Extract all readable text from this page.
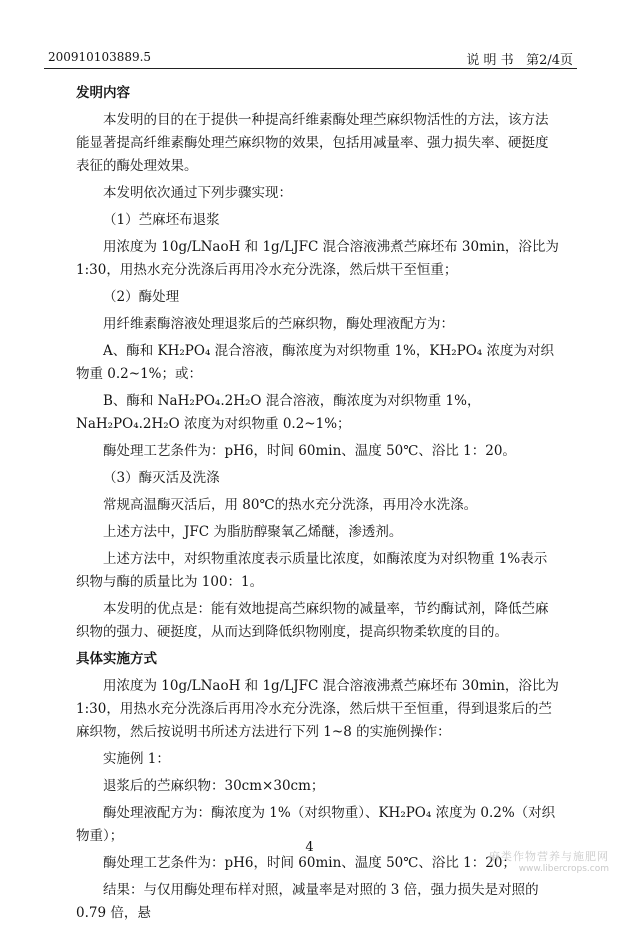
200910103889.5	说 明 书 第2/4页

发明内容

本发明的目的在于提供一种提高纤维素酶处理苎麻织物活性的方法，该方法能显著提高纤维素酶处理苎麻织物的效果，包括用减量率、强力损失率、硬挺度表征的酶处理效果。

本发明依次通过下列步骤实现：

（1）苎麻坯布退浆

用浓度为 10g/LNaoH 和 1g/LJFC 混合溶液沸煮苎麻坯布 30min，浴比为 1:30，用热水充分洗涤后再用冷水充分洗涤，然后烘干至恒重；

（2）酶处理

用纤维素酶溶液处理退浆后的苎麻织物，酶处理液配方为：

A、酶和 KH₂PO₄ 混合溶液，酶浓度为对织物重 1%，KH₂PO₄ 浓度为对织物重 0.2~1%；或：

B、酶和 NaH₂PO₄.2H₂O 混合溶液，酶浓度为对织物重 1%，NaH₂PO₄.2H₂O 浓度为对织物重 0.2~1%；

酶处理工艺条件为：pH6，时间 60min、温度 50℃、浴比 1：20。

（3）酶灭活及洗涤

常规高温酶灭活后，用 80℃的热水充分洗涤，再用冷水洗涤。

上述方法中，JFC 为脂肪醇聚氧乙烯醚，渗透剂。

上述方法中，对织物重浓度表示质量比浓度，如酶浓度为对织物重 1%表示织物与酶的质量比为 100：1。

本发明的优点是：能有效地提高苎麻织物的减量率，节约酶试剂，降低苎麻织物的强力、硬挺度，从而达到降低织物刚度，提高织物柔软度的目的。

具体实施方式

用浓度为 10g/LNaoH 和 1g/LJFC 混合溶液沸煮苎麻坯布 30min，浴比为 1:30，用热水充分洗涤后再用冷水充分洗涤，然后烘干至恒重，得到退浆后的苎麻织物，然后按说明书所述方法进行下列 1~8 的实施例操作：

实施例 1：

退浆后的苎麻织物：30cm×30cm；

酶处理液配方为：酶浓度为 1%（对织物重）、KH₂PO₄ 浓度为 0.2%（对织物重）；

酶处理工艺条件为：pH6，时间 60min、温度 50℃、浴比 1：20；

结果：与仅用酶处理布样对照，减量率是对照的 3 倍，强力损失是对照的 0.79 倍，悬

4
麻类作物营养与施肥网
www.libercrops.com
